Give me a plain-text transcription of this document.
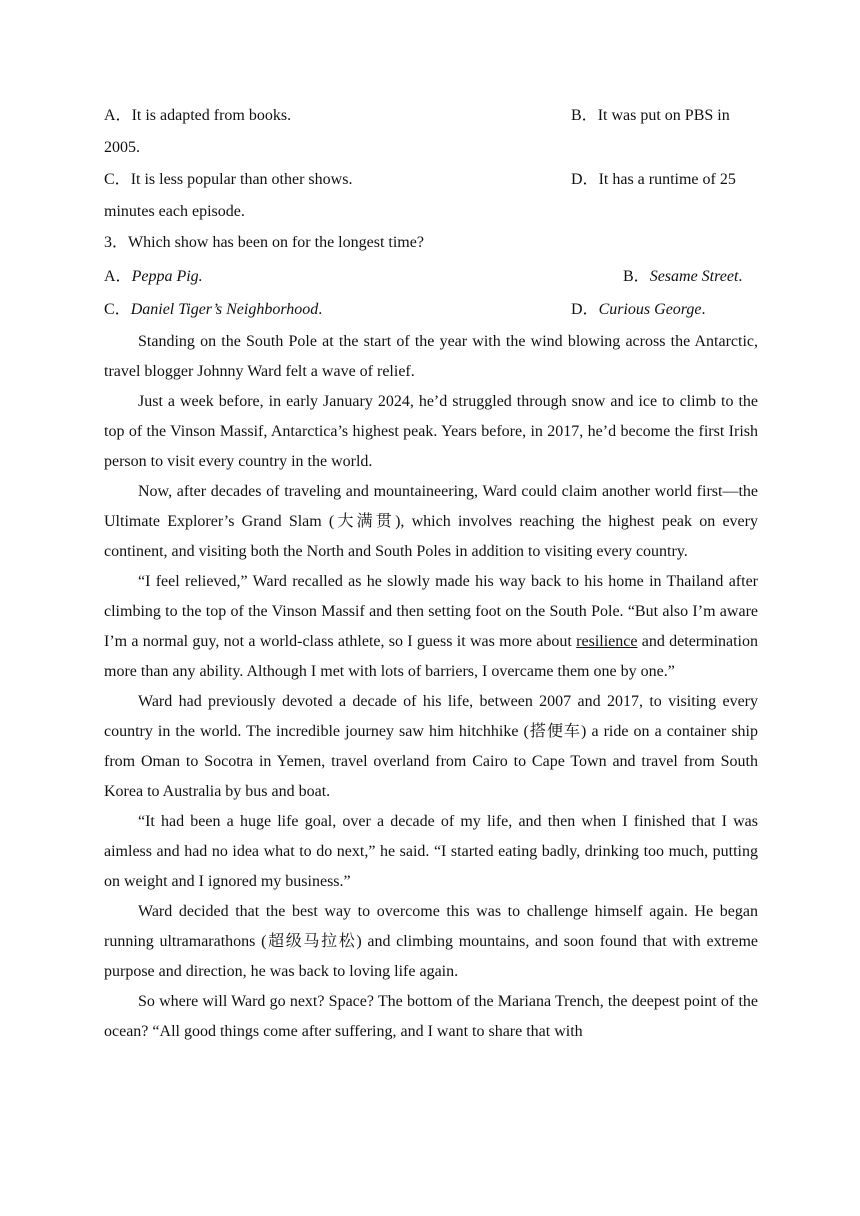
A．It is adapted from books.	B．It was put on PBS in
2005.
C．It is less popular than other shows.	D．It has a runtime of 25
minutes each episode.
3．Which show has been on for the longest time?
A．Peppa Pig.	B．Sesame Street.
C．Daniel Tiger’s Neighborhood.	D．Curious George.

Standing on the South Pole at the start of the year with the wind blowing across the Antarctic, travel blogger Johnny Ward felt a wave of relief.

Just a week before, in early January 2024, he’d struggled through snow and ice to climb to the top of the Vinson Massif, Antarctica’s highest peak. Years before, in 2017, he’d become the first Irish person to visit every country in the world.

Now, after decades of traveling and mountaineering, Ward could claim another world first—the Ultimate Explorer’s Grand Slam (大满贯), which involves reaching the highest peak on every continent, and visiting both the North and South Poles in addition to visiting every country.

“I feel relieved,” Ward recalled as he slowly made his way back to his home in Thailand after climbing to the top of the Vinson Massif and then setting foot on the South Pole. “But also I’m aware I’m a normal guy, not a world-class athlete, so I guess it was more about resilience and determination more than any ability. Although I met with lots of barriers, I overcame them one by one.”

Ward had previously devoted a decade of his life, between 2007 and 2017, to visiting every country in the world. The incredible journey saw him hitchhike (搭便车) a ride on a container ship from Oman to Socotra in Yemen, travel overland from Cairo to Cape Town and travel from South Korea to Australia by bus and boat.

“It had been a huge life goal, over a decade of my life, and then when I finished that I was aimless and had no idea what to do next,” he said. “I started eating badly, drinking too much, putting on weight and I ignored my business.”

Ward decided that the best way to overcome this was to challenge himself again. He began running ultramarathons (超级马拉松) and climbing mountains, and soon found that with extreme purpose and direction, he was back to loving life again.

So where will Ward go next? Space? The bottom of the Mariana Trench, the deepest point of the ocean? “All good things come after suffering, and I want to share that with
